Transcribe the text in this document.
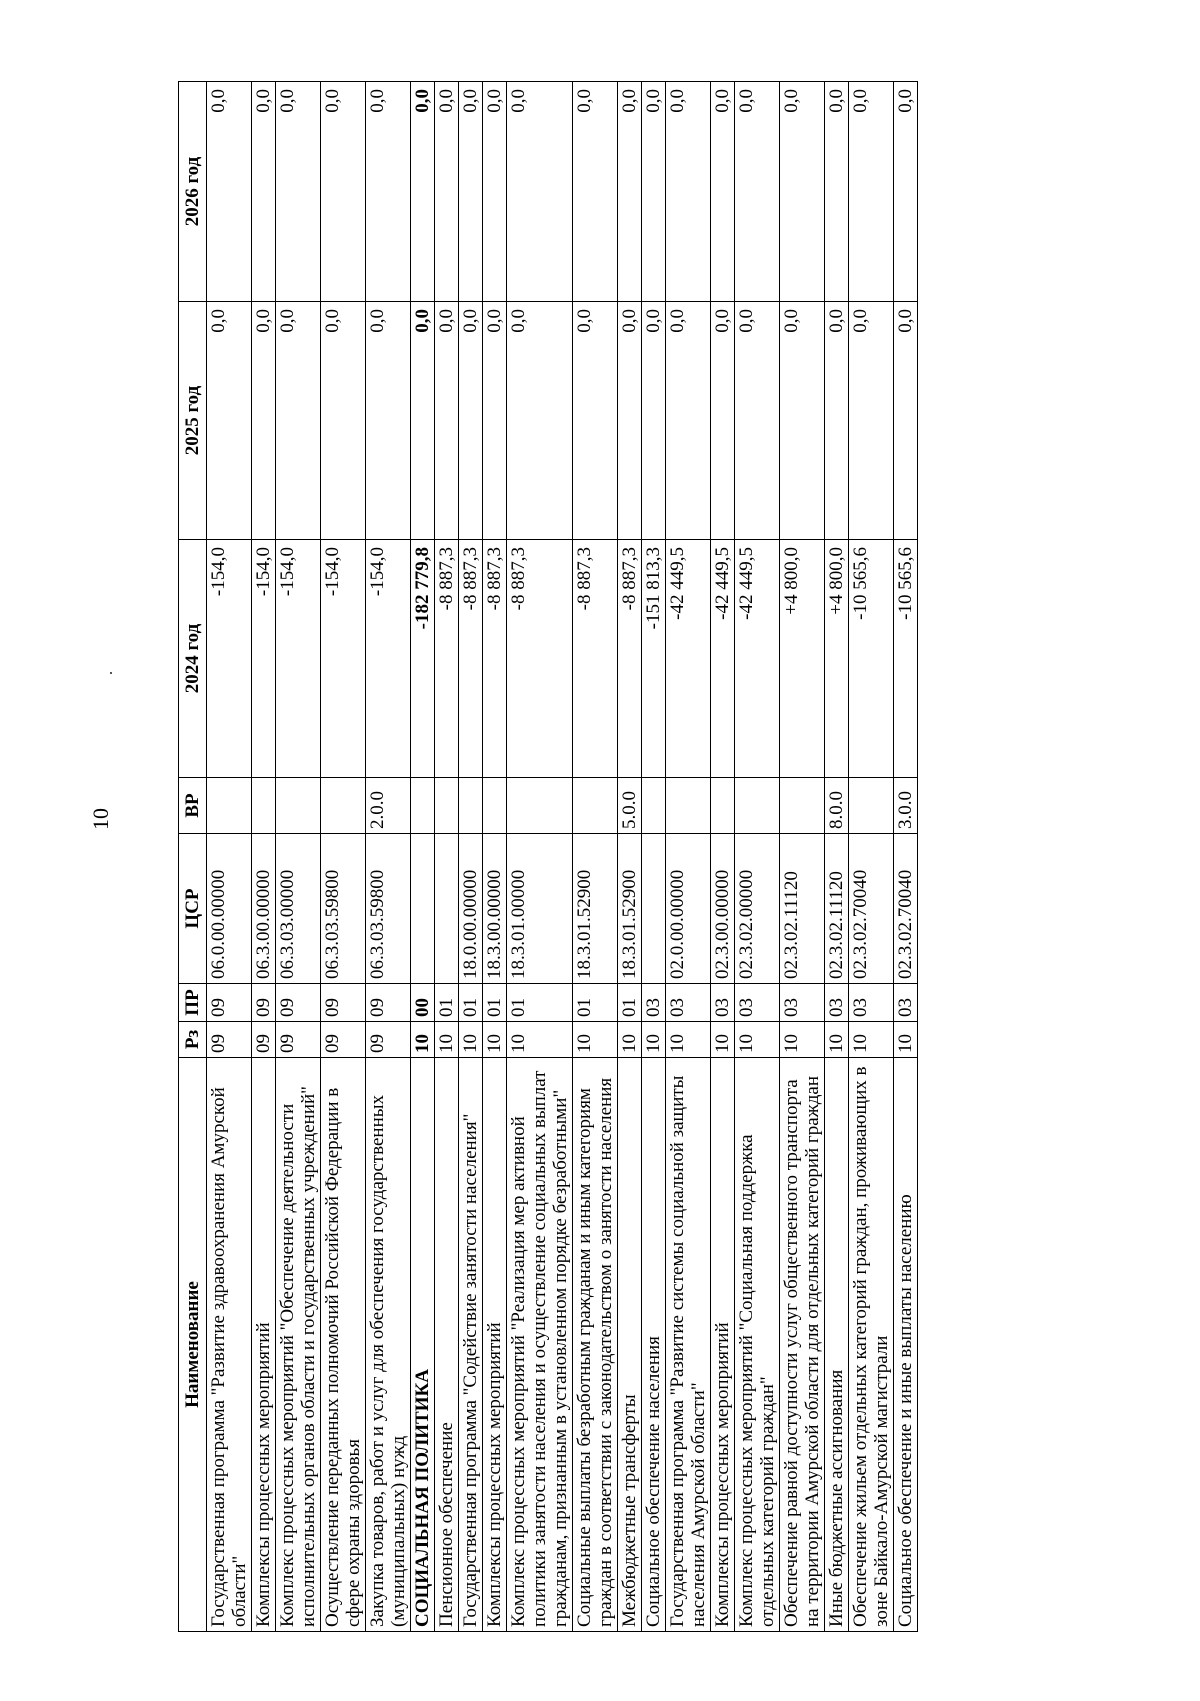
10
Наименование	Рз	ПР	ЦСР	ВР	2024 год	2025 год	2026 год
Государственная программа "Развитие здравоохранения Амурской области"	09	09	06.0.00.00000		-154,0	0,0	0,0
Комплексы процессных мероприятий	09	09	06.3.00.00000		-154,0	0,0	0,0
Комплекс процессных мероприятий "Обеспечение деятельности исполнительных органов области и государственных учреждений"	09	09	06.3.03.00000		-154,0	0,0	0,0
Осуществление переданных полномочий Российской Федерации в сфере охраны здоровья	09	09	06.3.03.59800		-154,0	0,0	0,0
Закупка товаров, работ и услуг для обеспечения государственных (муниципальных) нужд	09	09	06.3.03.59800	2.0.0	-154,0	0,0	0,0
СОЦИАЛЬНАЯ ПОЛИТИКА	10	00			-182 779,8	0,0	0,0
Пенсионное обеспечение	10	01			-8 887,3	0,0	0,0
Государственная программа "Содействие занятости населения"	10	01	18.0.00.00000		-8 887,3	0,0	0,0
Комплексы процессных мероприятий	10	01	18.3.00.00000		-8 887,3	0,0	0,0
Комплекс процессных мероприятий "Реализация мер активной политики занятости населения и осуществление социальных выплат гражданам, признанным в установленном порядке безработными"	10	01	18.3.01.00000		-8 887,3	0,0	0,0
Социальные выплаты безработным гражданам и иным категориям граждан в соответствии с законодательством о занятости населения	10	01	18.3.01.52900		-8 887,3	0,0	0,0
Межбюджетные трансферты	10	01	18.3.01.52900	5.0.0	-8 887,3	0,0	0,0
Социальное обеспечение населения	10	03			-151 813,3	0,0	0,0
Государственная программа "Развитие системы социальной защиты населения Амурской области"	10	03	02.0.00.00000		-42 449,5	0,0	0,0
Комплексы процессных мероприятий	10	03	02.3.00.00000		-42 449,5	0,0	0,0
Комплекс процессных мероприятий "Социальная поддержка отдельных категорий граждан"	10	03	02.3.02.00000		-42 449,5	0,0	0,0
Обеспечение равной доступности услуг общественного транспорта на территории Амурской области для отдельных категорий граждан	10	03	02.3.02.11120		+4 800,0	0,0	0,0
Иные бюджетные ассигнования	10	03	02.3.02.11120	8.0.0	+4 800,0	0,0	0,0
Обеспечение жильем отдельных категорий граждан, проживающих в зоне Байкало-Амурской магистрали	10	03	02.3.02.70040		-10 565,6	0,0	0,0
Социальное обеспечение и иные выплаты населению	10	03	02.3.02.70040	3.0.0	-10 565,6	0,0	0,0
